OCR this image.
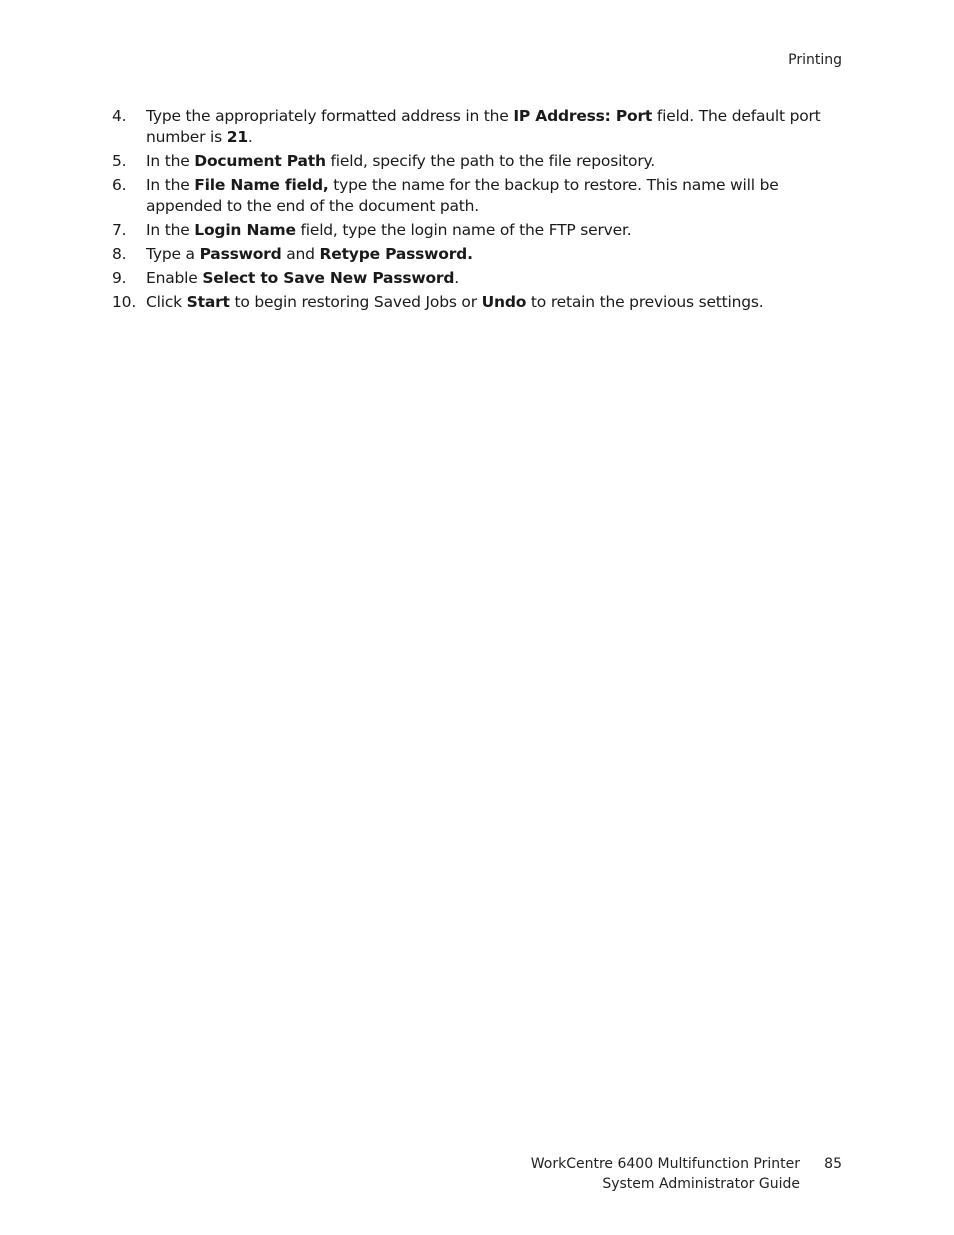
Printing
4. Type the appropriately formatted address in the IP Address: Port field. The default port number is 21.
5. In the Document Path field, specify the path to the file repository.
6. In the File Name field, type the name for the backup to restore. This name will be appended to the end of the document path.
7. In the Login Name field, type the login name of the FTP server.
8. Type a Password and Retype Password.
9. Enable Select to Save New Password.
10. Click Start to begin restoring Saved Jobs or Undo to retain the previous settings.
WorkCentre 6400 Multifunction Printer
System Administrator Guide
85
